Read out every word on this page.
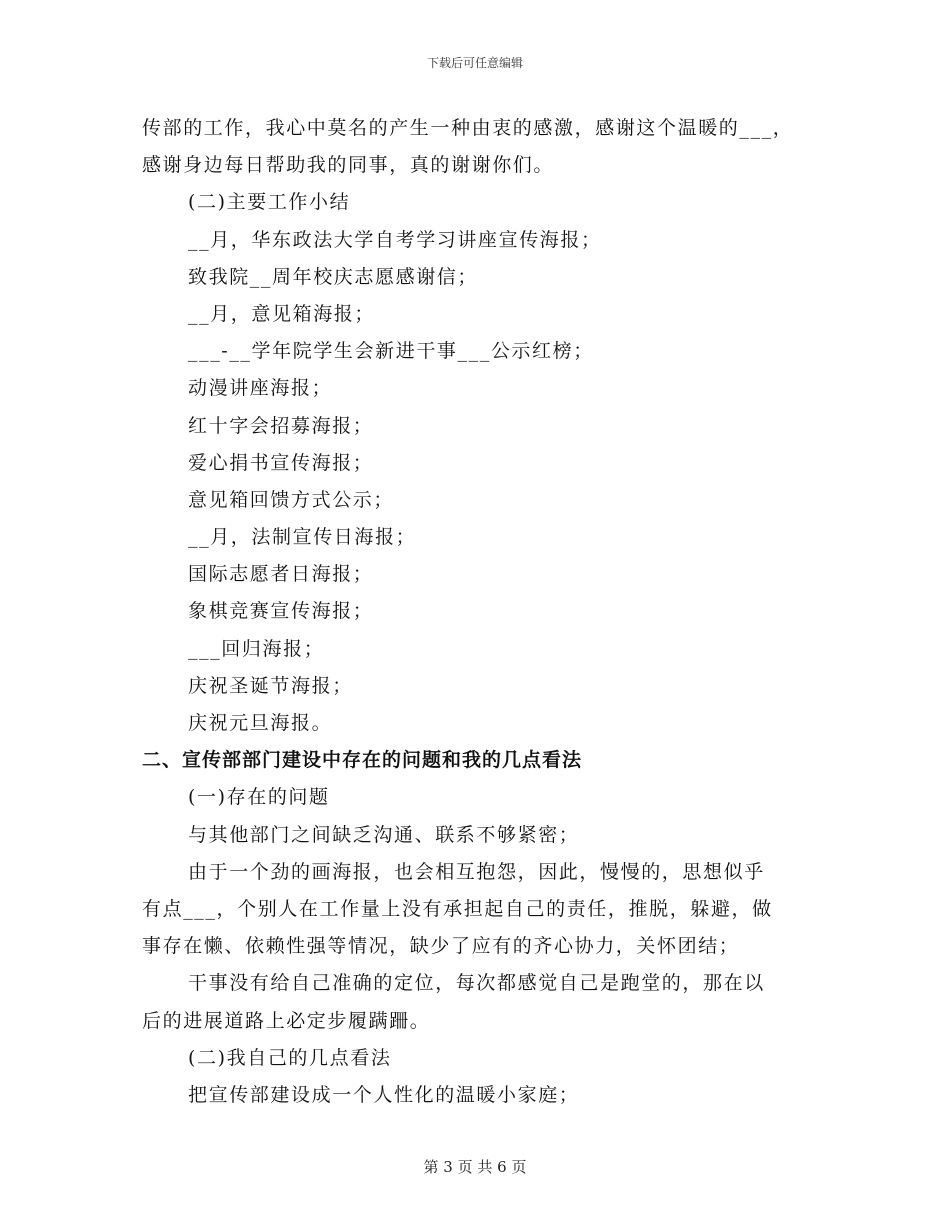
下载后可任意编辑
传部的工作，我心中莫名的产生一种由衷的感激，感谢这个温暖的___，
感谢身边每日帮助我的同事，真的谢谢你们。
(二)主要工作小结
__月，华东政法大学自考学习讲座宣传海报；
致我院__周年校庆志愿感谢信；
__月，意见箱海报；
___-__学年院学生会新进干事___公示红榜；
动漫讲座海报；
红十字会招募海报；
爱心捐书宣传海报；
意见箱回馈方式公示；
__月，法制宣传日海报；
国际志愿者日海报；
象棋竞赛宣传海报；
___回归海报；
庆祝圣诞节海报；
庆祝元旦海报。
二、宣传部部门建设中存在的问题和我的几点看法
(一)存在的问题
与其他部门之间缺乏沟通、联系不够紧密；
由于一个劲的画海报，也会相互抱怨，因此，慢慢的，思想似乎
有点___，个别人在工作量上没有承担起自己的责任，推脱，躲避，做
事存在懒、依赖性强等情况，缺少了应有的齐心协力，关怀团结；
干事没有给自己准确的定位，每次都感觉自己是跑堂的，那在以
后的进展道路上必定步履蹒跚。
(二)我自己的几点看法
把宣传部建设成一个人性化的温暖小家庭；
第 3 页 共 6 页
